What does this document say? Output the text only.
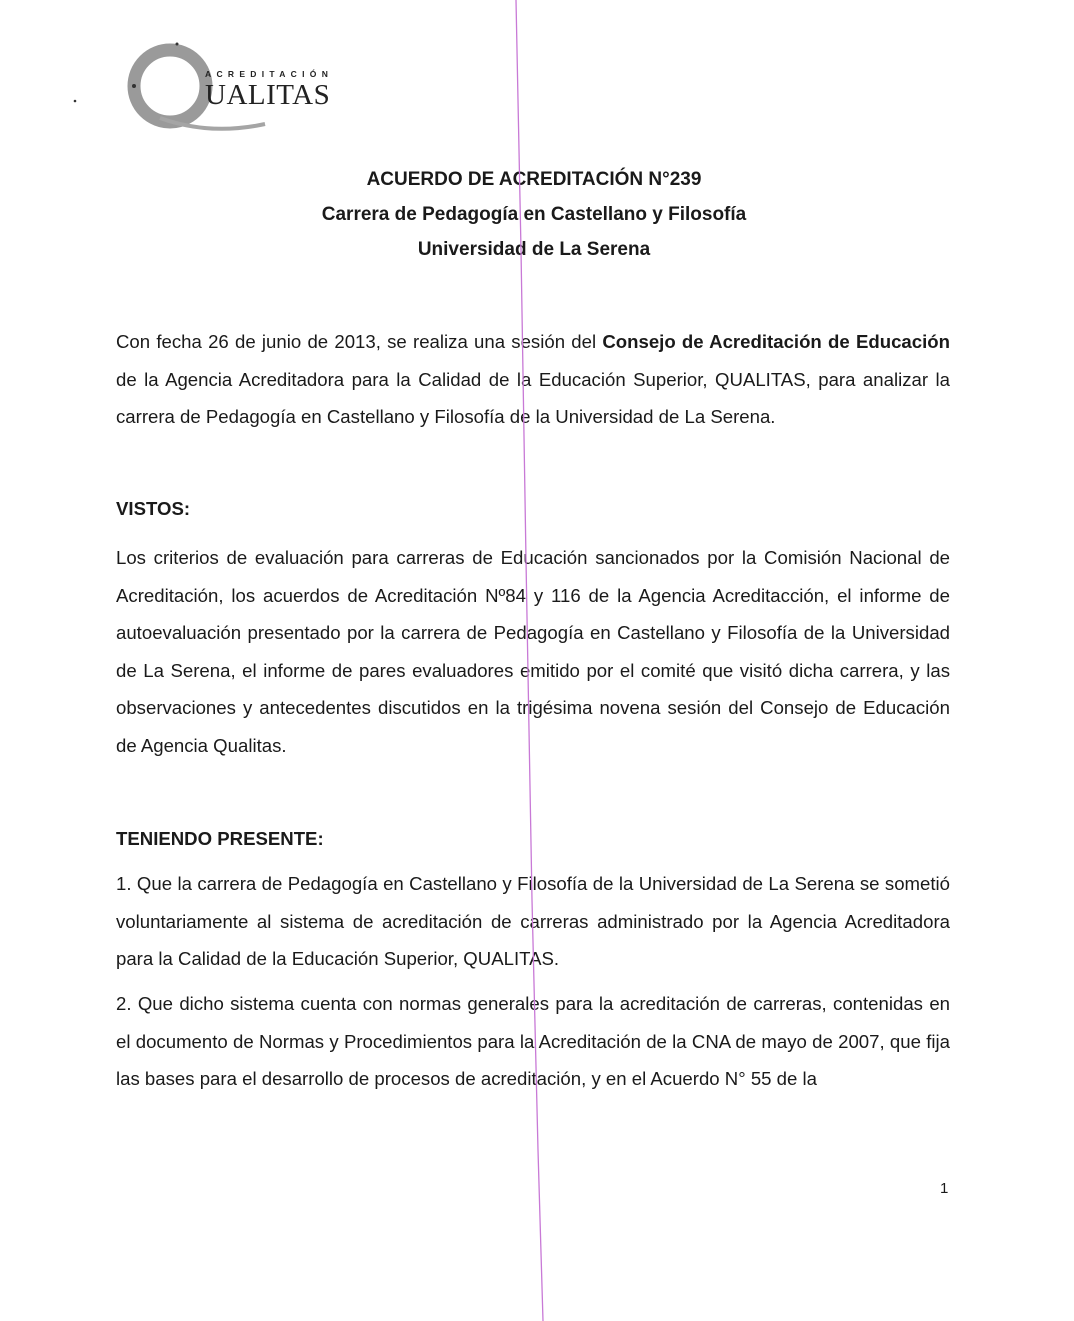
ACREDITACIÓN
UALITAS

ACUERDO DE ACREDITACIÓN N°239

Carrera de Pedagogía en Castellano y Filosofía

Universidad de La Serena

Con fecha 26 de junio de 2013, se realiza una sesión del Consejo de Acreditación de Educación de la Agencia Acreditadora para la Calidad de la Educación Superior, QUALITAS, para analizar la carrera de Pedagogía en Castellano y Filosofía de la Universidad de La Serena.

VISTOS:

Los criterios de evaluación para carreras de Educación sancionados por la Comisión Nacional de Acreditación, los acuerdos de Acreditación Nº84 y 116 de la Agencia Acreditacción, el informe de autoevaluación presentado por la carrera de Pedagogía en Castellano y Filosofía de la Universidad de La Serena, el informe de pares evaluadores emitido por el comité que visitó dicha carrera, y las observaciones y antecedentes discutidos en la trigésima novena sesión del Consejo de Educación de Agencia Qualitas.

TENIENDO PRESENTE:

1. Que la carrera de Pedagogía en Castellano y Filosofía de la Universidad de La Serena se sometió voluntariamente al sistema de acreditación de carreras administrado por la Agencia Acreditadora para la Calidad de la Educación Superior, QUALITAS.

2. Que dicho sistema cuenta con normas generales para la acreditación de carreras, contenidas en el documento de Normas y Procedimientos para la Acreditación de la CNA de mayo de 2007, que fija las bases para el desarrollo de procesos de acreditación, y en el Acuerdo N° 55 de la

1
